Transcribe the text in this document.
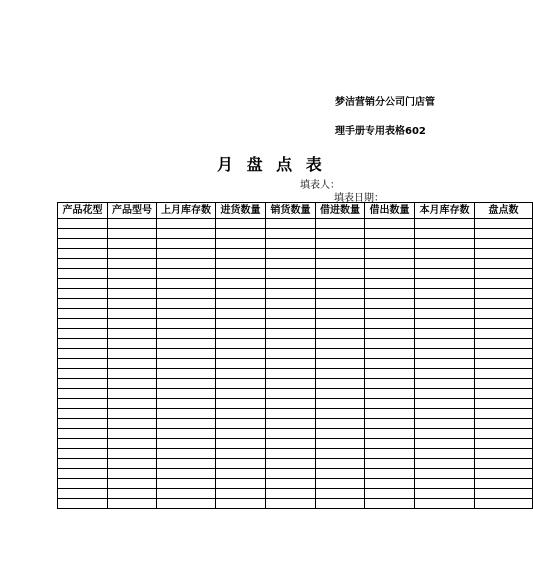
梦洁营销分公司门店管
理手册专用表格602
月 盘 点 表
填表人：
填表日期：
产品花型	产品型号	上月库存数	进货数量	销货数量	借进数量	借出数量	本月库存数	盘点数
